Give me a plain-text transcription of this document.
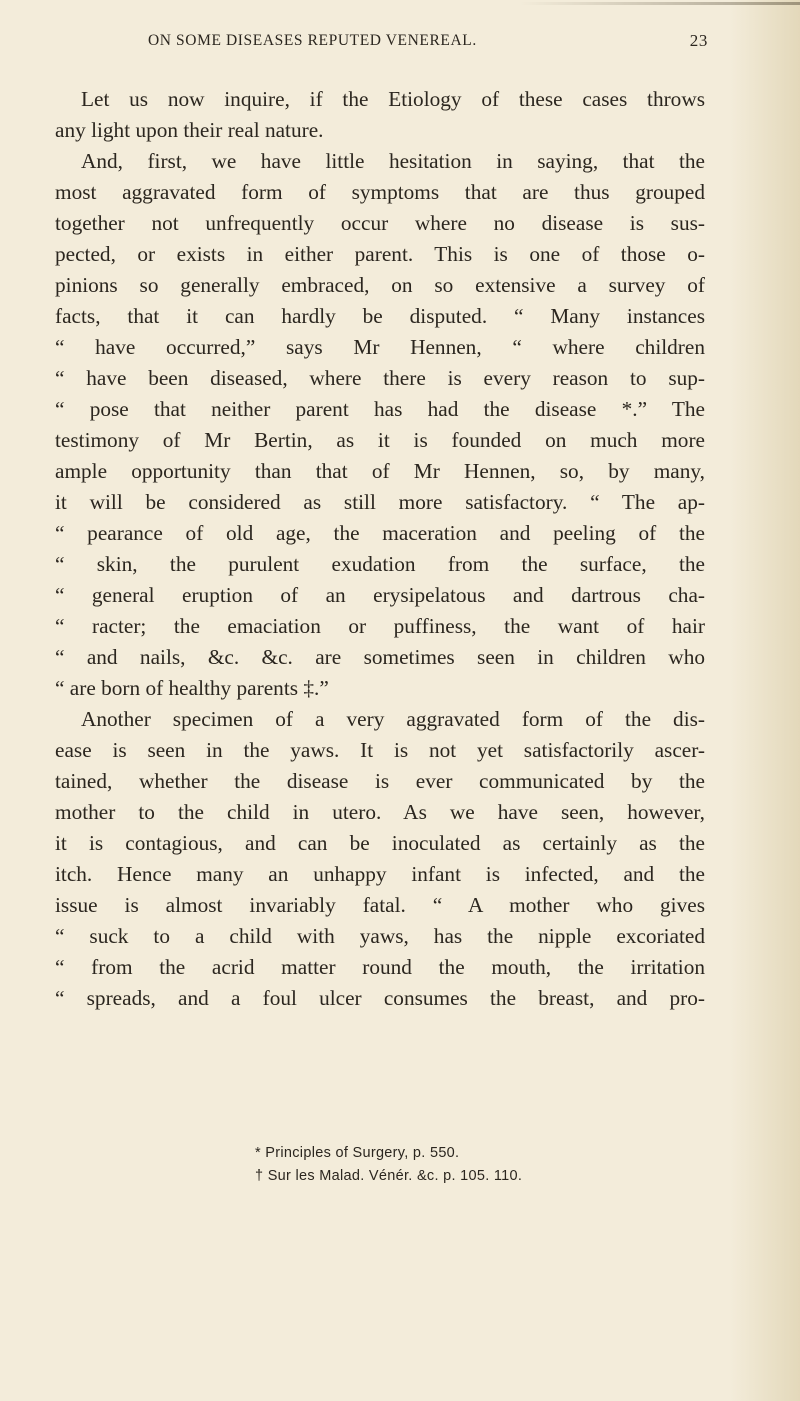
ON SOME DISEASES REPUTED VENEREAL.	23
Let us now inquire, if the Etiology of these cases throws
any light upon their real nature.
And, first, we have little hesitation in saying, that the
most aggravated form of symptoms that are thus grouped
together not unfrequently occur where no disease is sus-
pected, or exists in either parent. This is one of those o-
pinions so generally embraced, on so extensive a survey of
facts, that it can hardly be disputed. “ Many instances
“ have occurred,” says Mr Hennen, “ where children
“ have been diseased, where there is every reason to sup-
“ pose that neither parent has had the disease *.” The
testimony of Mr Bertin, as it is founded on much more
ample opportunity than that of Mr Hennen, so, by many,
it will be considered as still more satisfactory. “ The ap-
“ pearance of old age, the maceration and peeling of the
“ skin, the purulent exudation from the surface, the
“ general eruption of an erysipelatous and dartrous cha-
“ racter; the emaciation or puffiness, the want of hair
“ and nails, &c. &c. are sometimes seen in children who
“ are born of healthy parents ‡.”
Another specimen of a very aggravated form of the dis-
ease is seen in the yaws. It is not yet satisfactorily ascer-
tained, whether the disease is ever communicated by the
mother to the child in utero. As we have seen, however,
it is contagious, and can be inoculated as certainly as the
itch. Hence many an unhappy infant is infected, and the
issue is almost invariably fatal. “ A mother who gives
“ suck to a child with yaws, has the nipple excoriated
“ from the acrid matter round the mouth, the irritation
“ spreads, and a foul ulcer consumes the breast, and pro-
* Principles of Surgery, p. 550.
† Sur les Malad. Vénér. &c. p. 105. 110.
